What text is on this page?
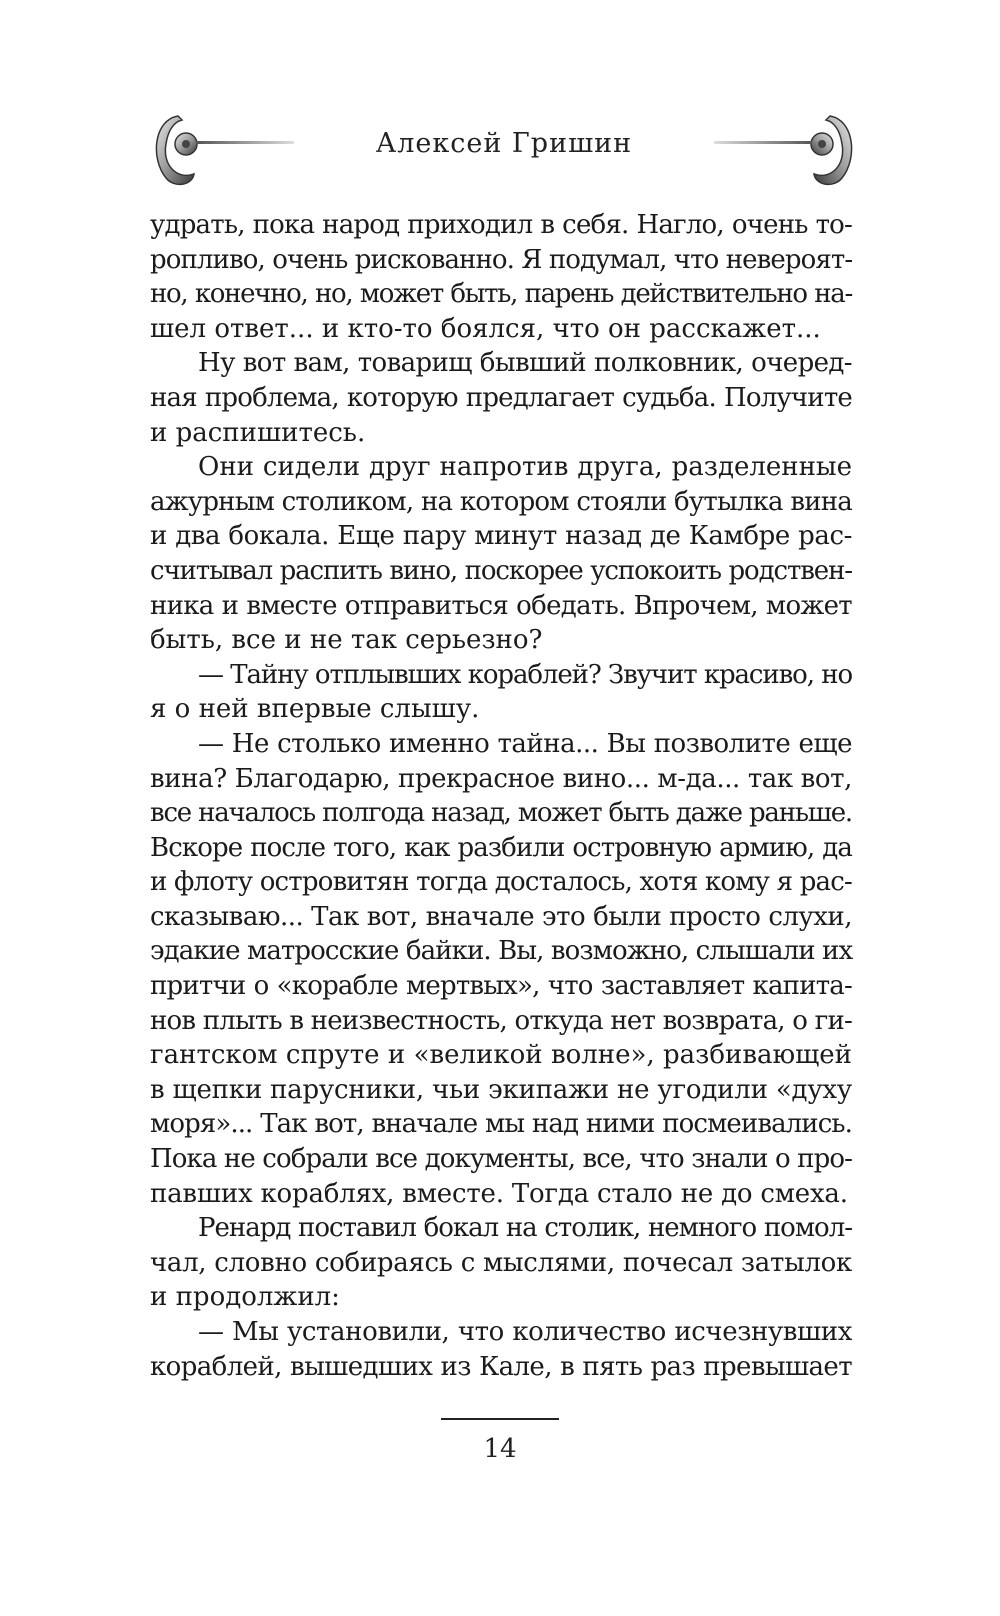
Алексей Гришин

удрать, пока народ приходил в себя. Нагло, очень то-
ропливо, очень рискованно. Я подумал, что невероят-
но, конечно, но, может быть, парень действительно на-
шел ответ... и кто-то боялся, что он расскажет...

Ну вот вам, товарищ бывший полковник, очеред-
ная проблема, которую предлагает судьба. Получите
и распишитесь.

Они сидели друг напротив друга, разделенные
ажурным столиком, на котором стояли бутылка вина
и два бокала. Еще пару минут назад де Камбре рас-
считывал распить вино, поскорее успокоить родствен-
ника и вместе отправиться обедать. Впрочем, может
быть, все и не так серьезно?

— Тайну отплывших кораблей? Звучит красиво, но
я о ней впервые слышу.

— Не столько именно тайна... Вы позволите еще
вина? Благодарю, прекрасное вино... м-да... так вот,
все началось полгода назад, может быть даже раньше.
Вскоре после того, как разбили островную армию, да
и флоту островитян тогда досталось, хотя кому я рас-
сказываю... Так вот, вначале это были просто слухи,
эдакие матросские байки. Вы, возможно, слышали их
притчи о «корабле мертвых», что заставляет капита-
нов плыть в неизвестность, откуда нет возврата, о ги-
гантском спруте и «великой волне», разбивающей
в щепки парусники, чьи экипажи не угодили «духу
моря»... Так вот, вначале мы над ними посмеивались.
Пока не собрали все документы, все, что знали о про-
павших кораблях, вместе. Тогда стало не до смеха.

Ренард поставил бокал на столик, немного помол-
чал, словно собираясь с мыслями, почесал затылок
и продолжил:

— Мы установили, что количество исчезнувших
кораблей, вышедших из Кале, в пять раз превышает

14
